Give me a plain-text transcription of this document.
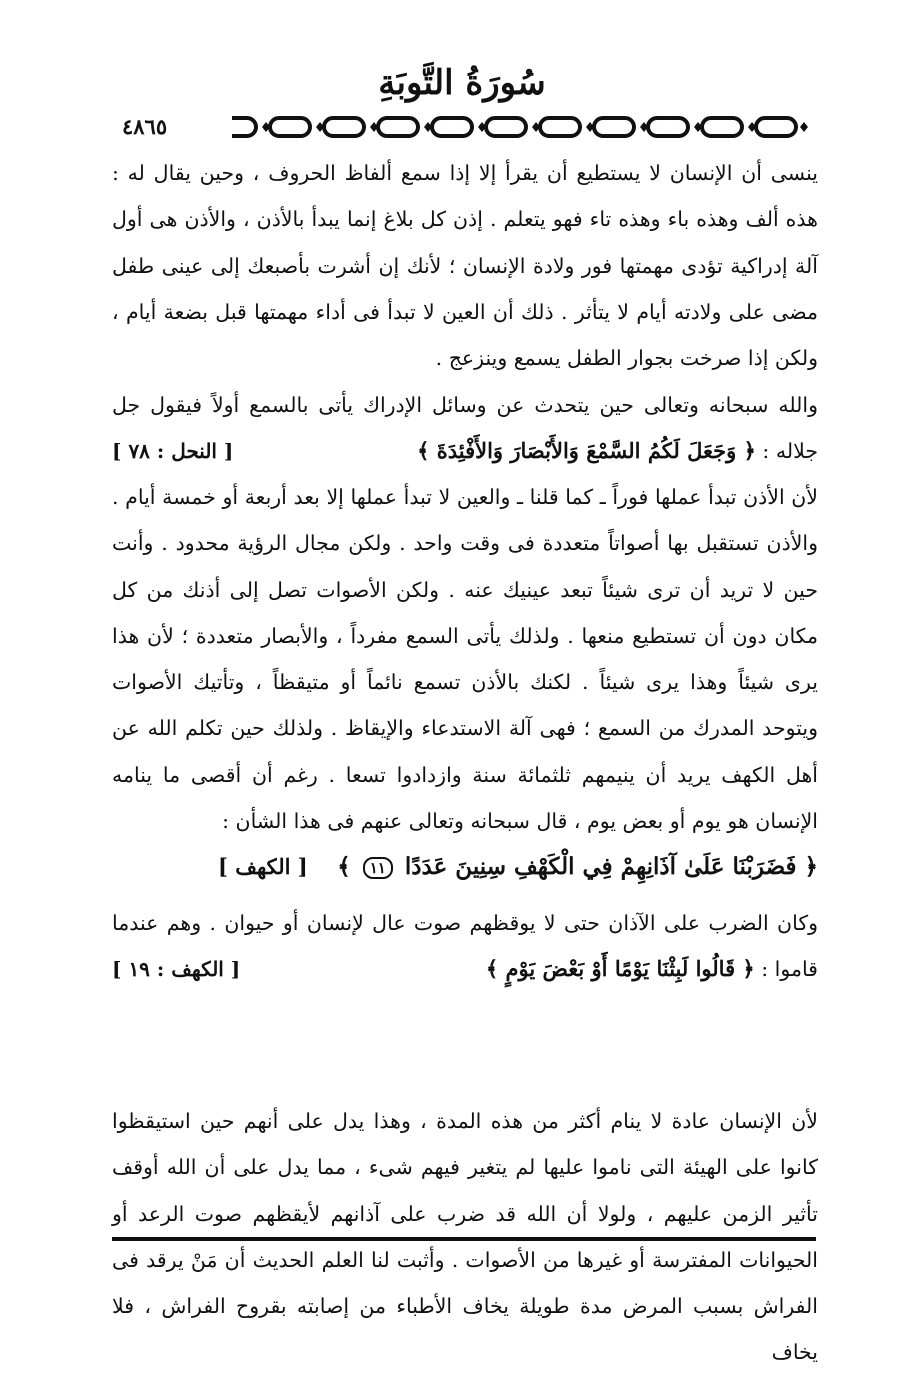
سُورَةُ التَّوبَةِ
٤٨٦٥

ينسى أن الإنسان لا يستطيع أن يقرأ إلا إذا سمع ألفاظ الحروف ، وحين يقال له : هذه ألف وهذه باء وهذه تاء فهو يتعلم . إذن كل بلاغ إنما يبدأ بالأذن ، والأذن هى أول آلة إدراكية تؤدى مهمتها فور ولادة الإنسان ؛ لأنك إن أشرت بأصبعك إلى عينى طفل مضى على ولادته أيام لا يتأثر . ذلك أن العين لا تبدأ فى أداء مهمتها قبل بضعة أيام ، ولكن إذا صرخت بجوار الطفل يسمع وينزعج .

والله سبحانه وتعالى حين يتحدث عن وسائل الإدراك يأتى بالسمع أولاً فيقول جل جلاله : ﴿ وَجَعَلَ لَكُمُ السَّمْعَ وَالأَبْصَارَ وَالأَفْئِدَةَ ﴾
[ النحل : ٧٨ ]

لأن الأذن تبدأ عملها فوراً ـ كما قلنا ـ والعين لا تبدأ عملها إلا بعد أربعة أو خمسة أيام . والأذن تستقبل بها أصواتاً متعددة فى وقت واحد . ولكن مجال الرؤية محدود . وأنت حين لا تريد أن ترى شيئاً تبعد عينيك عنه . ولكن الأصوات تصل إلى أذنك من كل مكان دون أن تستطيع منعها . ولذلك يأتى السمع مفرداً ، والأبصار متعددة ؛ لأن هذا يرى شيئاً وهذا يرى شيئاً . لكنك بالأذن تسمع نائماً أو متيقظاً ، وتأتيك الأصوات ويتوحد المدرك من السمع ؛ فهى آلة الاستدعاء والإيقاظ . ولذلك حين تكلم الله عن أهل الكهف يريد أن ينيمهم ثلثمائة سنة وازدادوا تسعا . رغم أن أقصى ما ينامه الإنسان هو يوم أو بعض يوم ، قال سبحانه وتعالى عنهم فى هذا الشأن :

﴿ فَضَرَبْنَا عَلَىٰ آذَانِهِمْ فِي الْكَهْفِ سِنِينَ عَدَدًا ١١ ﴾
[ الكهف ]

وكان الضرب على الآذان حتى لا يوقظهم صوت عال لإنسان أو حيوان . وهم عندما قاموا : ﴿ قَالُوا لَبِثْنَا يَوْمًا أَوْ بَعْضَ يَوْمٍ ﴾
[ الكهف : ١٩ ]

لأن الإنسان عادة لا ينام أكثر من هذه المدة ، وهذا يدل على أنهم حين استيقظوا كانوا على الهيئة التى ناموا عليها لم يتغير فيهم شىء ، مما يدل على أن الله أوقف تأثير الزمن عليهم ، ولولا أن الله قد ضرب على آذانهم لأيقظهم صوت الرعد أو الحيوانات المفترسة أو غيرها من الأصوات . وأثبت لنا العلم الحديث أن مَنْ يرقد فى الفراش بسبب المرض مدة طويلة يخاف الأطباء من إصابته بقروح الفراش ، فلا يخاف
